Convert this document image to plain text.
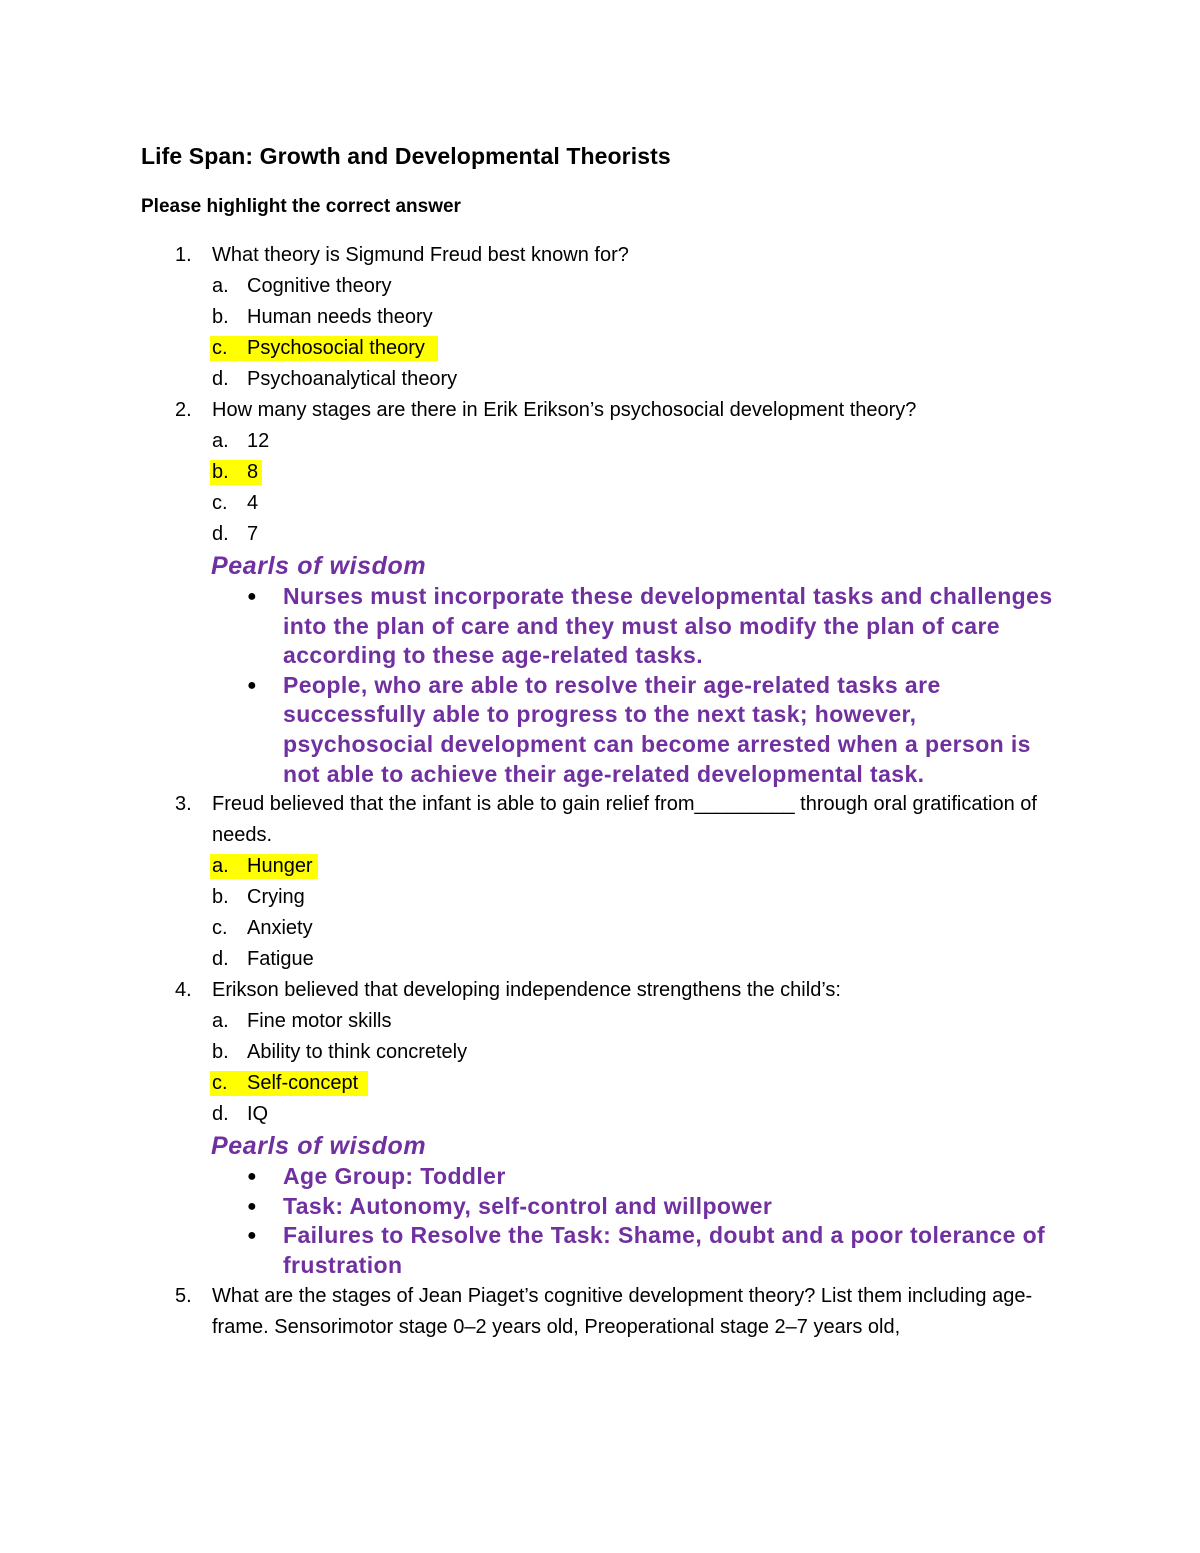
Life Span: Growth and Developmental Theorists
Please highlight the correct answer
1. What theory is Sigmund Freud best known for?
a. Cognitive theory
b. Human needs theory
c. Psychosocial theory
d. Psychoanalytical theory
2. How many stages are there in Erik Erikson’s psychosocial development theory?
a. 12
b. 8
c. 4
d. 7
Pearls of wisdom
● Nurses must incorporate these developmental tasks and challenges into the plan of care and they must also modify the plan of care according to these age-related tasks.
● People, who are able to resolve their age-related tasks are successfully able to progress to the next task; however, psychosocial development can become arrested when a person is not able to achieve their age-related developmental task.
3.	Freud believed that the infant is able to gain relief from_________ through oral gratification of needs.
a. Hunger
b. Crying
c. Anxiety
d. Fatigue
4. Erikson believed that developing independence strengthens the child’s:
a. Fine motor skills
b. Ability to think concretely
c. Self-concept
d. IQ
Pearls of wisdom
● Age Group: Toddler
● Task: Autonomy, self-control and willpower
● Failures to Resolve the Task: Shame, doubt and a poor tolerance of frustration
5.	What are the stages of Jean Piaget’s cognitive development theory? List them including age-frame. Sensorimotor stage 0–2 years old, Preoperational stage 2–7 years old,
